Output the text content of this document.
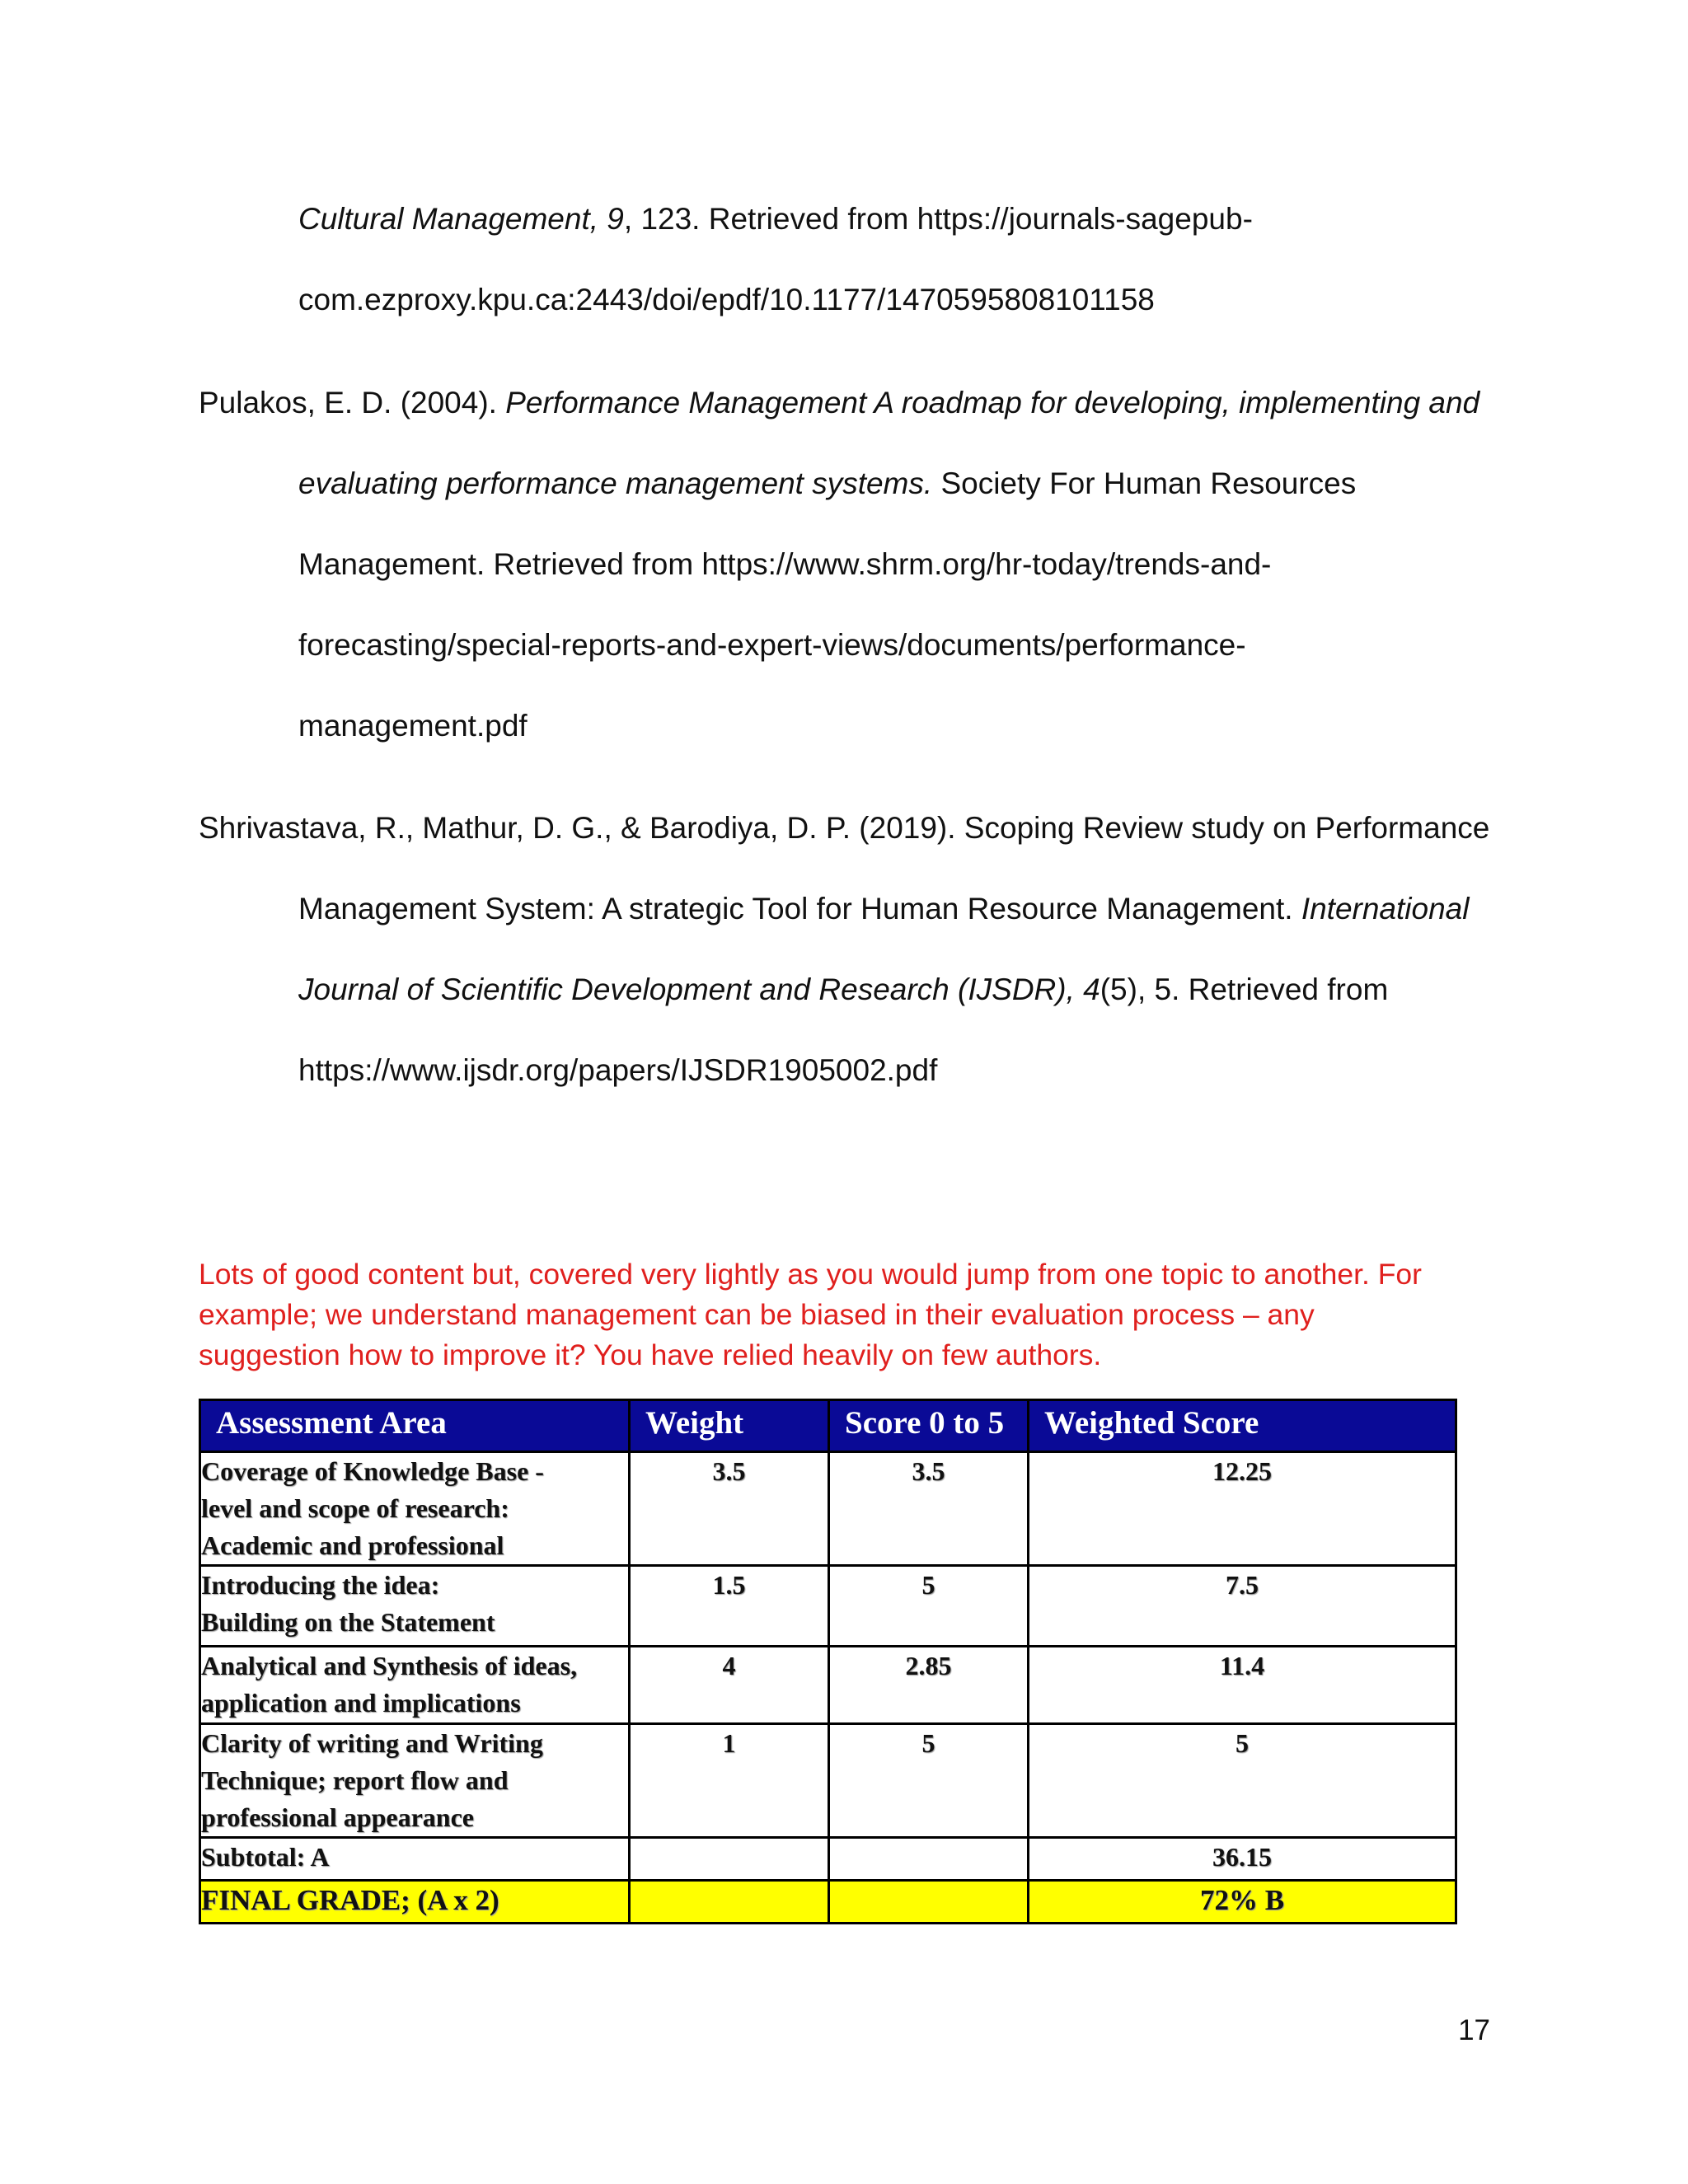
Cultural Management, 9, 123. Retrieved from https://journals-sagepub-
com.ezproxy.kpu.ca:2443/doi/epdf/10.1177/1470595808101158
Pulakos, E. D. (2004). Performance Management A roadmap for developing, implementing and
evaluating performance management systems. Society For Human Resources
Management. Retrieved from https://www.shrm.org/hr-today/trends-and-
forecasting/special-reports-and-expert-views/documents/performance-
management.pdf
Shrivastava, R., Mathur, D. G., & Barodiya, D. P. (2019). Scoping Review study on Performance
Management System: A strategic Tool for Human Resource Management. International
Journal of Scientific Development and Research (IJSDR), 4(5), 5. Retrieved from
https://www.ijsdr.org/papers/IJSDR1905002.pdf
Lots of good content but, covered very lightly as you would jump from one topic to another. For
example; we understand management can be biased in their evaluation process – any
suggestion how to improve it? You have relied heavily on few authors.
Assessment Area	Weight	Score 0 to 5	Weighted Score

Coverage of Knowledge Base -
level and scope of research:
Academic and professional	3.5	3.5	12.25

Introducing the idea:
Building on the Statement	1.5	5	7.5

Analytical and Synthesis of ideas,
application and implications	4	2.85	11.4

Clarity of writing and Writing
Technique; report flow and
professional appearance	1	5	5
Subtotal: A			36.15
FINAL GRADE; (A x 2)			72% B
17
